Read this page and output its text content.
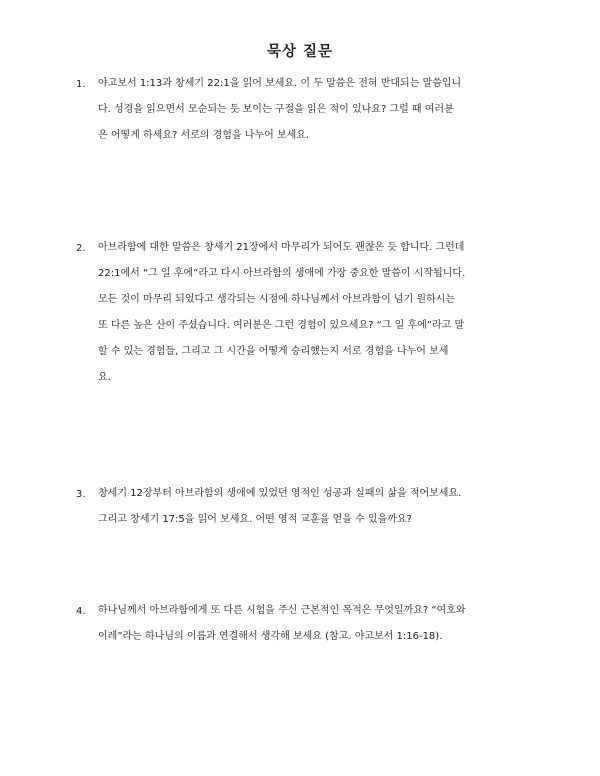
묵상 질문
1. 야고보서 1:13과 창세기 22:1을 읽어 보세요. 이 두 말씀은 전혀 반대되는 말씀입니
다. 성경을 읽으면서 모순되는 듯 보이는 구절을 읽은 적이 있나요? 그럴 때 여러분
은 어떻게 하세요? 서로의 경험을 나누어 보세요.
2. 아브라함에 대한 말씀은 창세기 21장에서 마무리가 되어도 괜찮은 듯 합니다. 그런데
22:1에서 “그 일 후에”라고 다시 아브라함의 생애에 가장 중요한 말씀이 시작됩니다.
모든 것이 마무리 되었다고 생각되는 시점에 하나님께서 아브라함이 넘기 원하시는
또 다른 높은 산이 주셨습니다. 여러분은 그런 경험이 있으세요? “그 일 후에”라고 말
할 수 있는 경험들, 그리고 그 시간을 어떻게 승리했는지 서로 경험을 나누어 보세
요.
3. 창세기 12장부터 아브라함의 생애에 있었던 영적인 성공과 실패의 삶을 적어보세요.
그리고 창세기 17:5을 읽어 보세요. 어떤 영적 교훈을 얻을 수 있을까요?
4. 하나님께서 아브라함에게 또 다른 시험을 주신 근본적인 목적은 무엇일까요? “여호와
이레”라는 하나님의 이름과 연결해서 생각해 보세요 (참고. 야고보서 1:16-18).
